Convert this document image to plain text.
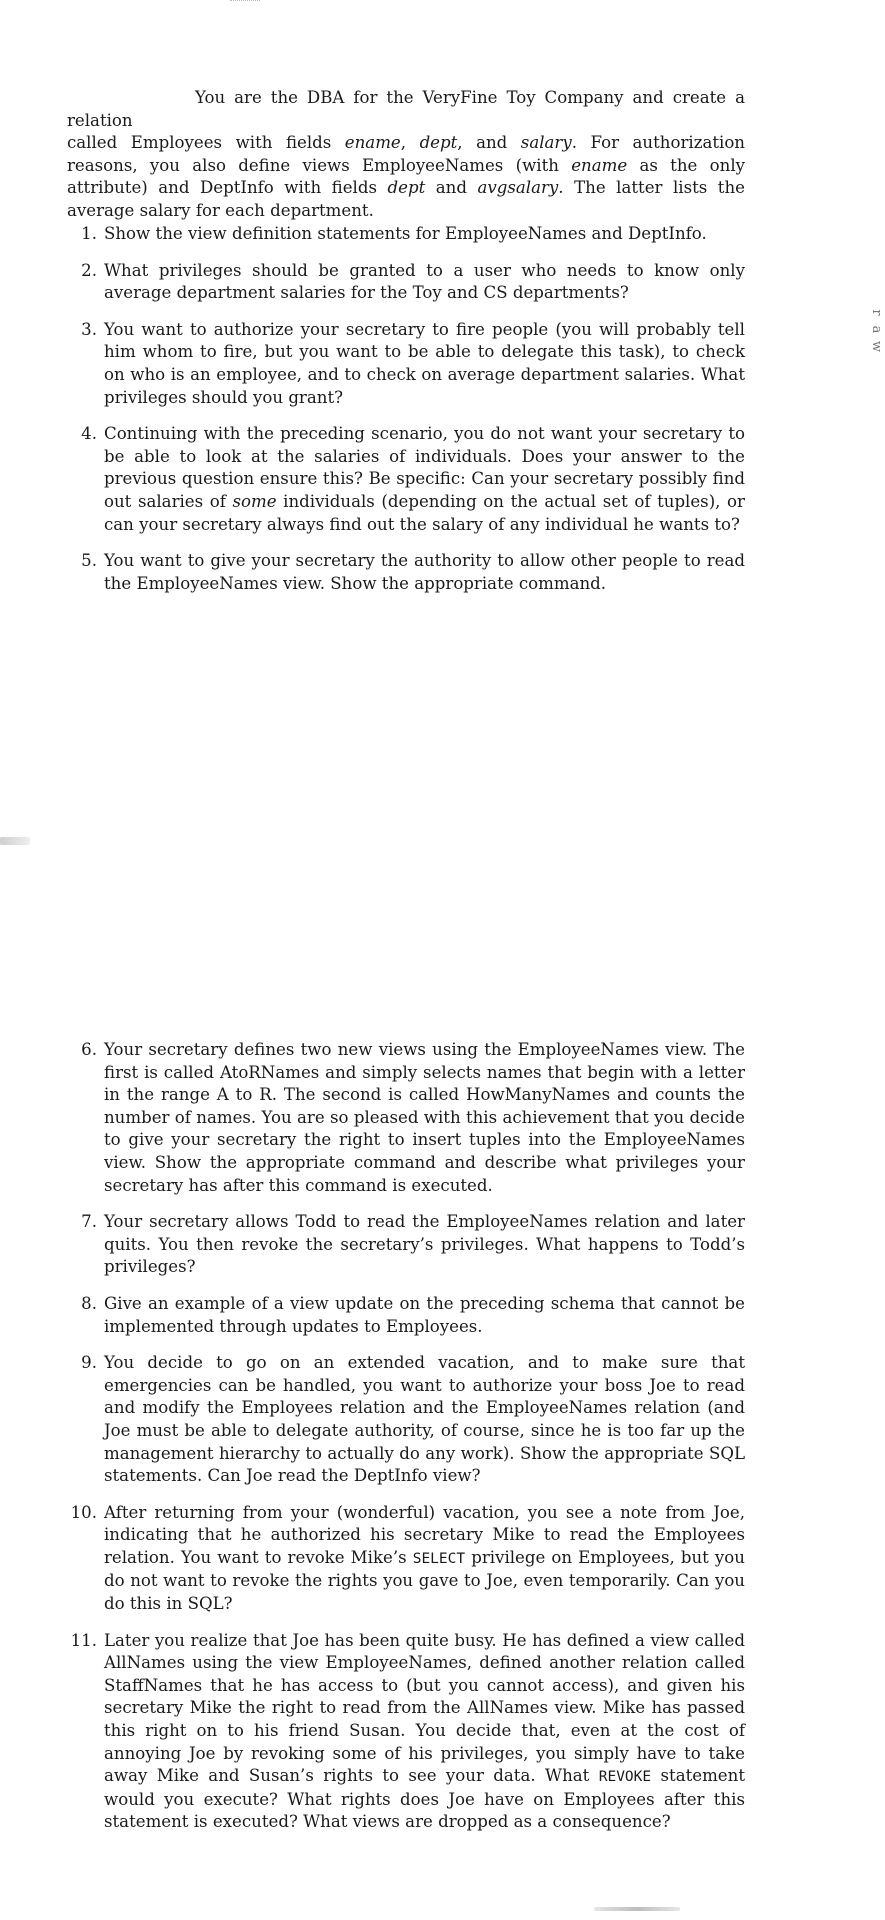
r
a
w
You are the DBA for the VeryFine Toy Company and create a relation
called Employees with fields ename, dept, and salary. For authorization reasons, you also define views EmployeeNames (with ename as the only attribute) and DeptInfo with fields dept and avgsalary. The latter lists the average salary for each department.
1. Show the view definition statements for EmployeeNames and DeptInfo.
2. What privileges should be granted to a user who needs to know only average department salaries for the Toy and CS departments?
3. You want to authorize your secretary to fire people (you will probably tell him whom to fire, but you want to be able to delegate this task), to check on who is an employee, and to check on average department salaries. What privileges should you grant?
4. Continuing with the preceding scenario, you do not want your secretary to be able to look at the salaries of individuals. Does your answer to the previous question ensure this? Be specific: Can your secretary possibly find out salaries of some individuals (depending on the actual set of tuples), or can your secretary always find out the salary of any individual he wants to?
5. You want to give your secretary the authority to allow other people to read the EmployeeNames view. Show the appropriate command.
6. Your secretary defines two new views using the EmployeeNames view. The first is called AtoRNames and simply selects names that begin with a letter in the range A to R. The second is called HowManyNames and counts the number of names. You are so pleased with this achievement that you decide to give your secretary the right to insert tuples into the EmployeeNames view. Show the appropriate command and describe what privileges your secretary has after this command is executed.
7. Your secretary allows Todd to read the EmployeeNames relation and later quits. You then revoke the secretary’s privileges. What happens to Todd’s privileges?
8. Give an example of a view update on the preceding schema that cannot be implemented through updates to Employees.
9. You decide to go on an extended vacation, and to make sure that emergencies can be handled, you want to authorize your boss Joe to read and modify the Employees relation and the EmployeeNames relation (and Joe must be able to delegate authority, of course, since he is too far up the management hierarchy to actually do any work). Show the appropriate SQL statements. Can Joe read the DeptInfo view?
10. After returning from your (wonderful) vacation, you see a note from Joe, indicating that he authorized his secretary Mike to read the Employees relation. You want to revoke Mike’s SELECT privilege on Employees, but you do not want to revoke the rights you gave to Joe, even temporarily. Can you do this in SQL?
11. Later you realize that Joe has been quite busy. He has defined a view called AllNames using the view EmployeeNames, defined another relation called StaffNames that he has access to (but you cannot access), and given his secretary Mike the right to read from the AllNames view. Mike has passed this right on to his friend Susan. You decide that, even at the cost of annoying Joe by revoking some of his privileges, you simply have to take away Mike and Susan’s rights to see your data. What REVOKE statement would you execute? What rights does Joe have on Employees after this statement is executed? What views are dropped as a consequence?
